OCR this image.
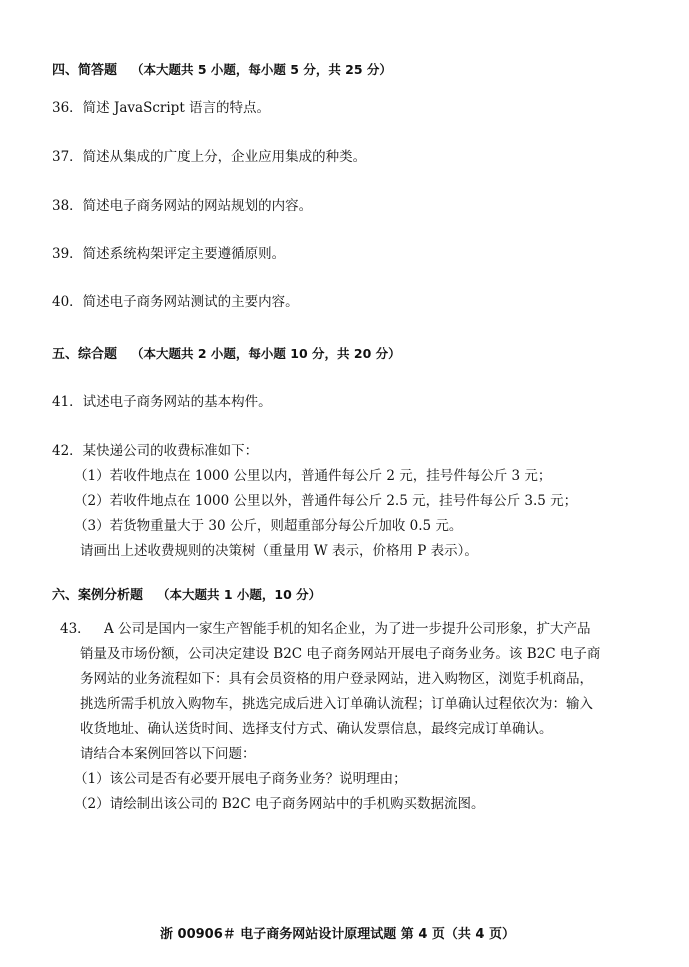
四、简答题 （本大题共 5 小题，每小题 5 分，共 25 分）
36．简述 JavaScript 语言的特点。
37．简述从集成的广度上分，企业应用集成的种类。
38．简述电子商务网站的网站规划的内容。
39．简述系统构架评定主要遵循原则。
40．简述电子商务网站测试的主要内容。
五、综合题 （本大题共 2 小题，每小题 10 分，共 20 分）
41．试述电子商务网站的基本构件。
42．某快递公司的收费标准如下：
（1）若收件地点在 1000 公里以内，普通件每公斤 2 元，挂号件每公斤 3 元；
（2）若收件地点在 1000 公里以外，普通件每公斤 2.5 元，挂号件每公斤 3.5 元；
（3）若货物重量大于 30 公斤，则超重部分每公斤加收 0.5 元。
请画出上述收费规则的决策树（重量用 W 表示，价格用 P 表示）。
六、案例分析题 （本大题共 1 小题，10 分）
43． A 公司是国内一家生产智能手机的知名企业，为了进一步提升公司形象，扩大产品
销量及市场份额，公司决定建设 B2C 电子商务网站开展电子商务业务。该 B2C 电子商
务网站的业务流程如下：具有会员资格的用户登录网站，进入购物区，浏览手机商品，
挑选所需手机放入购物车，挑选完成后进入订单确认流程；订单确认过程依次为：输入
收货地址、确认送货时间、选择支付方式、确认发票信息，最终完成订单确认。
请结合本案例回答以下问题：
（1）该公司是否有必要开展电子商务业务？说明理由；
（2）请绘制出该公司的 B2C 电子商务网站中的手机购买数据流图。
浙 00906＃ 电子商务网站设计原理试题 第 4 页（共 4 页）
